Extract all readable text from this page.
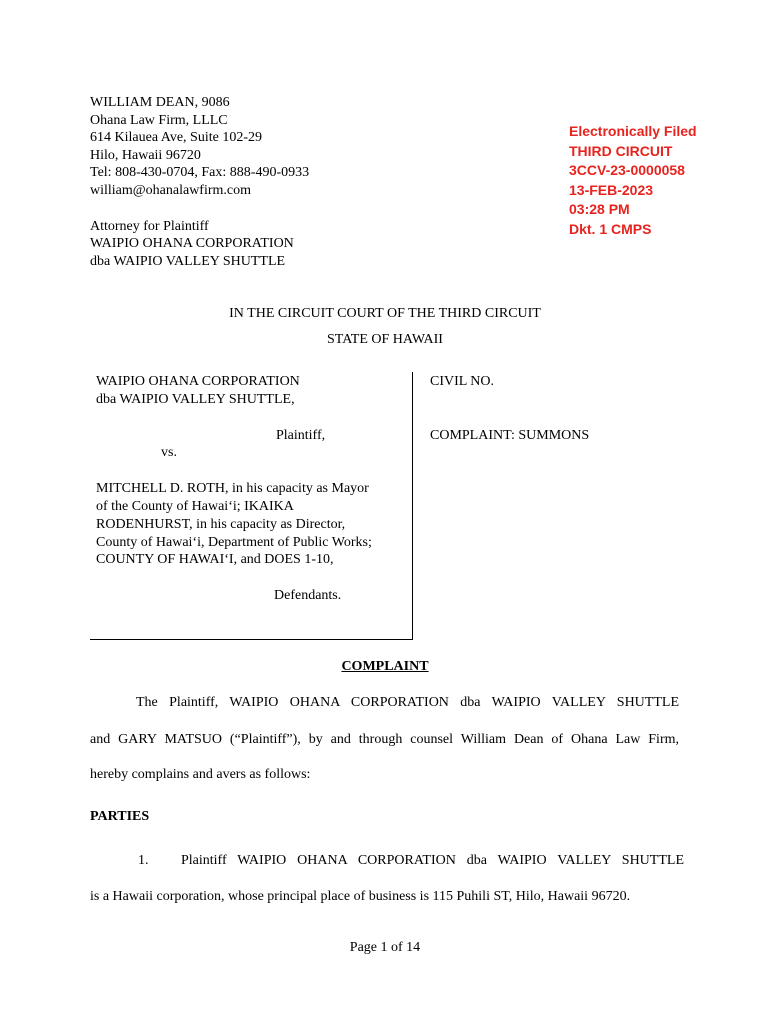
WILLIAM DEAN, 9086
Ohana Law Firm, LLLC
614 Kilauea Ave, Suite 102-29
Hilo, Hawaii 96720
Tel: 808-430-0704, Fax: 888-490-0933
william@ohanalawfirm.com
Attorney for Plaintiff
WAIPIO OHANA CORPORATION
dba WAIPIO VALLEY SHUTTLE
Electronically Filed
THIRD CIRCUIT
3CCV-23-0000058
13-FEB-2023
03:28 PM
Dkt. 1 CMPS
IN THE CIRCUIT COURT OF THE THIRD CIRCUIT
STATE OF HAWAII
WAIPIO OHANA CORPORATION
dba WAIPIO VALLEY SHUTTLE,
Plaintiff,
vs.
MITCHELL D. ROTH, in his capacity as Mayor
of the County of Hawai‘i; IKAIKA
RODENHURST, in his capacity as Director,
County of Hawai‘i, Department of Public Works;
COUNTY OF HAWAI‘I, and DOES 1-10,
Defendants.
CIVIL NO.
COMPLAINT: SUMMONS
COMPLAINT
The Plaintiff, WAIPIO OHANA CORPORATION dba WAIPIO VALLEY SHUTTLE
and GARY MATSUO (“Plaintiff”), by and through counsel William Dean of Ohana Law Firm,
hereby complains and avers as follows:
PARTIES
1.	Plaintiff WAIPIO OHANA CORPORATION dba WAIPIO VALLEY SHUTTLE
is a Hawaii corporation, whose principal place of business is 115 Puhili ST, Hilo, Hawaii 96720.
Page 1 of 14
